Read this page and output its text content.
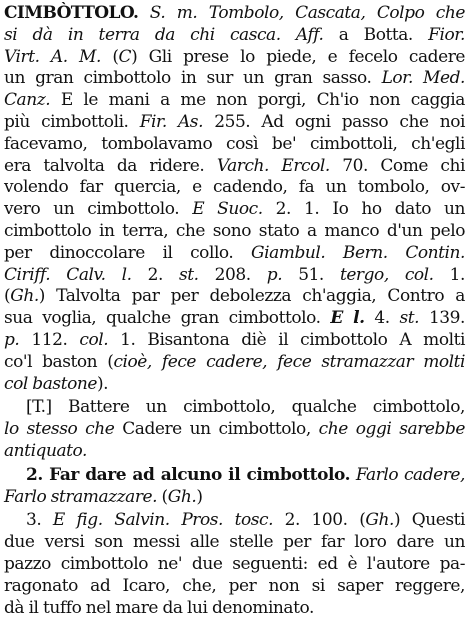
CIMBÒTTOLO. S. m. Tombolo, Cascata, Colpo che
si dà in terra da chi casca. Aff. a Botta. Fior.
Virt. A. M. (C) Gli prese lo piede, e fecelo cadere
un gran cimbottolo in sur un gran sasso. Lor. Med.
Canz. E le mani a me non porgi, Ch'io non caggia
più cimbottoli. Fir. As. 255. Ad ogni passo che noi
facevamo, tombolavamo così be' cimbottoli, ch'egli
era talvolta da ridere. Varch. Ercol. 70. Come chi
volendo far quercia, e cadendo, fa un tombolo, ov-
vero un cimbottolo. E Suoc. 2. 1. Io ho dato un
cimbottolo in terra, che sono stato a manco d'un pelo
per dinoccolare il collo. Giambul. Bern. Contin.
Ciriff. Calv. l. 2. st. 208. p. 51. tergo, col. 1.
(Gh.) Talvolta par per debolezza ch'aggia, Contro a
sua voglia, qualche gran cimbottolo. E l. 4. st. 139.
p. 112. col. 1. Bisantona diè il cimbottolo A molti
co'l baston (cioè, fece cadere, fece stramazzar molti
col bastone).
[T.] Battere un cimbottolo, qualche cimbottolo,
lo stesso che Cadere un cimbottolo, che oggi sarebbe
antiquato.
2. Far dare ad alcuno il cimbottolo. Farlo cadere,
Farlo stramazzare. (Gh.)
3. E fig. Salvin. Pros. tosc. 2. 100. (Gh.) Questi
due versi son messi alle stelle per far loro dare un
pazzo cimbottolo ne' due seguenti: ed è l'autore pa-
ragonato ad Icaro, che, per non si saper reggere,
dà il tuffo nel mare da lui denominato.
